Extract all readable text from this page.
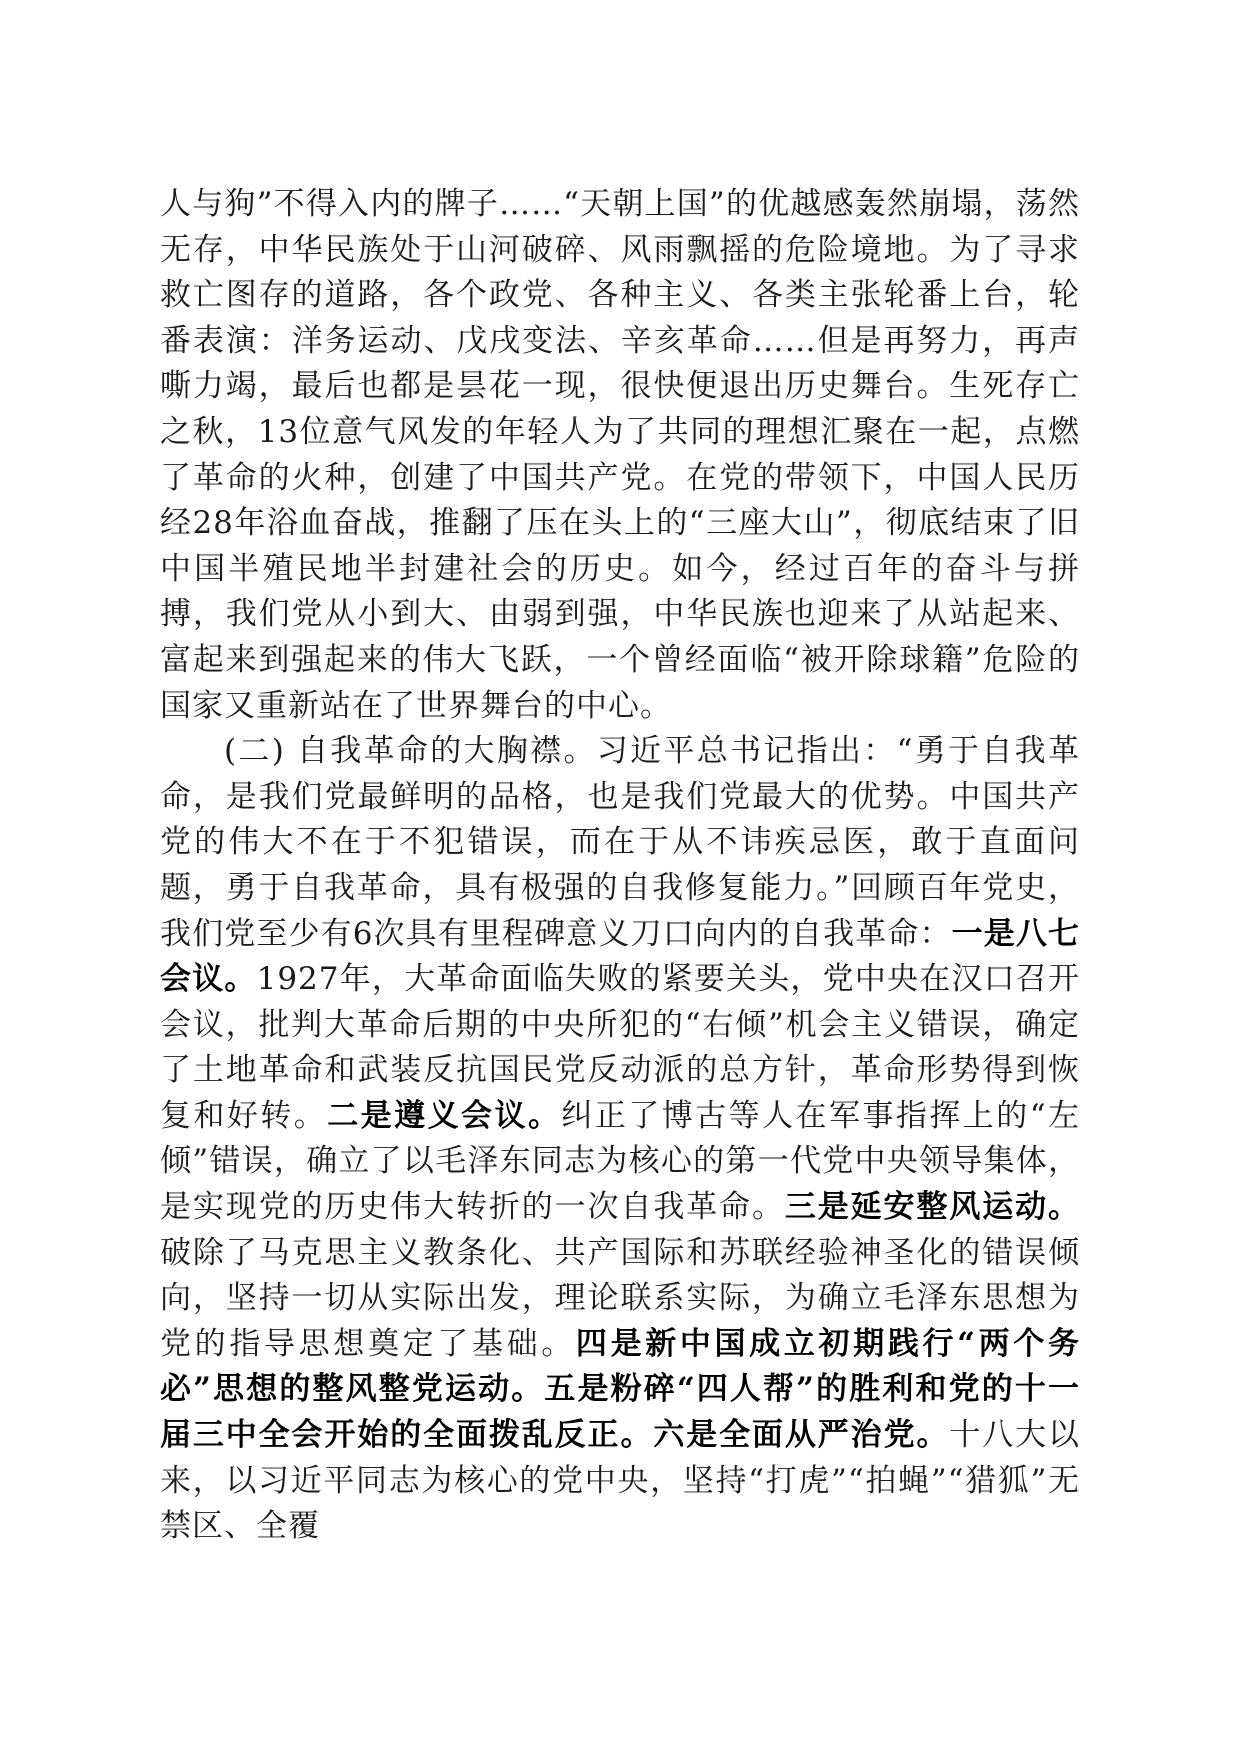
人与狗”不得入内的牌子……“天朝上国”的优越感轰然崩塌，荡然无存，中华民族处于山河破碎、风雨飘摇的危险境地。为了寻求救亡图存的道路，各个政党、各种主义、各类主张轮番上台，轮番表演：洋务运动、戊戌变法、辛亥革命……但是再努力，再声嘶力竭，最后也都是昙花一现，很快便退出历史舞台。生死存亡之秋，13位意气风发的年轻人为了共同的理想汇聚在一起，点燃了革命的火种，创建了中国共产党。在党的带领下，中国人民历经28年浴血奋战，推翻了压在头上的“三座大山”，彻底结束了旧中国半殖民地半封建社会的历史。如今，经过百年的奋斗与拼搏，我们党从小到大、由弱到强，中华民族也迎来了从站起来、富起来到强起来的伟大飞跃，一个曾经面临“被开除球籍”危险的国家又重新站在了世界舞台的中心。

(二) 自我革命的大胸襟。习近平总书记指出：“勇于自我革命，是我们党最鲜明的品格，也是我们党最大的优势。中国共产党的伟大不在于不犯错误，而在于从不讳疾忌医，敢于直面问题，勇于自我革命，具有极强的自我修复能力。”回顾百年党史，我们党至少有6次具有里程碑意义刀口向内的自我革命：一是八七会议。1927年，大革命面临失败的紧要关头，党中央在汉口召开会议，批判大革命后期的中央所犯的“右倾”机会主义错误，确定了土地革命和武装反抗国民党反动派的总方针，革命形势得到恢复和好转。二是遵义会议。纠正了博古等人在军事指挥上的“左倾”错误，确立了以毛泽东同志为核心的第一代党中央领导集体，是实现党的历史伟大转折的一次自我革命。三是延安整风运动。破除了马克思主义教条化、共产国际和苏联经验神圣化的错误倾向，坚持一切从实际出发，理论联系实际，为确立毛泽东思想为党的指导思想奠定了基础。四是新中国成立初期践行“两个务必”思想的整风整党运动。五是粉碎“四人帮”的胜利和党的十一届三中全会开始的全面拨乱反正。六是全面从严治党。十八大以来，以习近平同志为核心的党中央，坚持“打虎”“拍蝇”“猎狐”无禁区、全覆
